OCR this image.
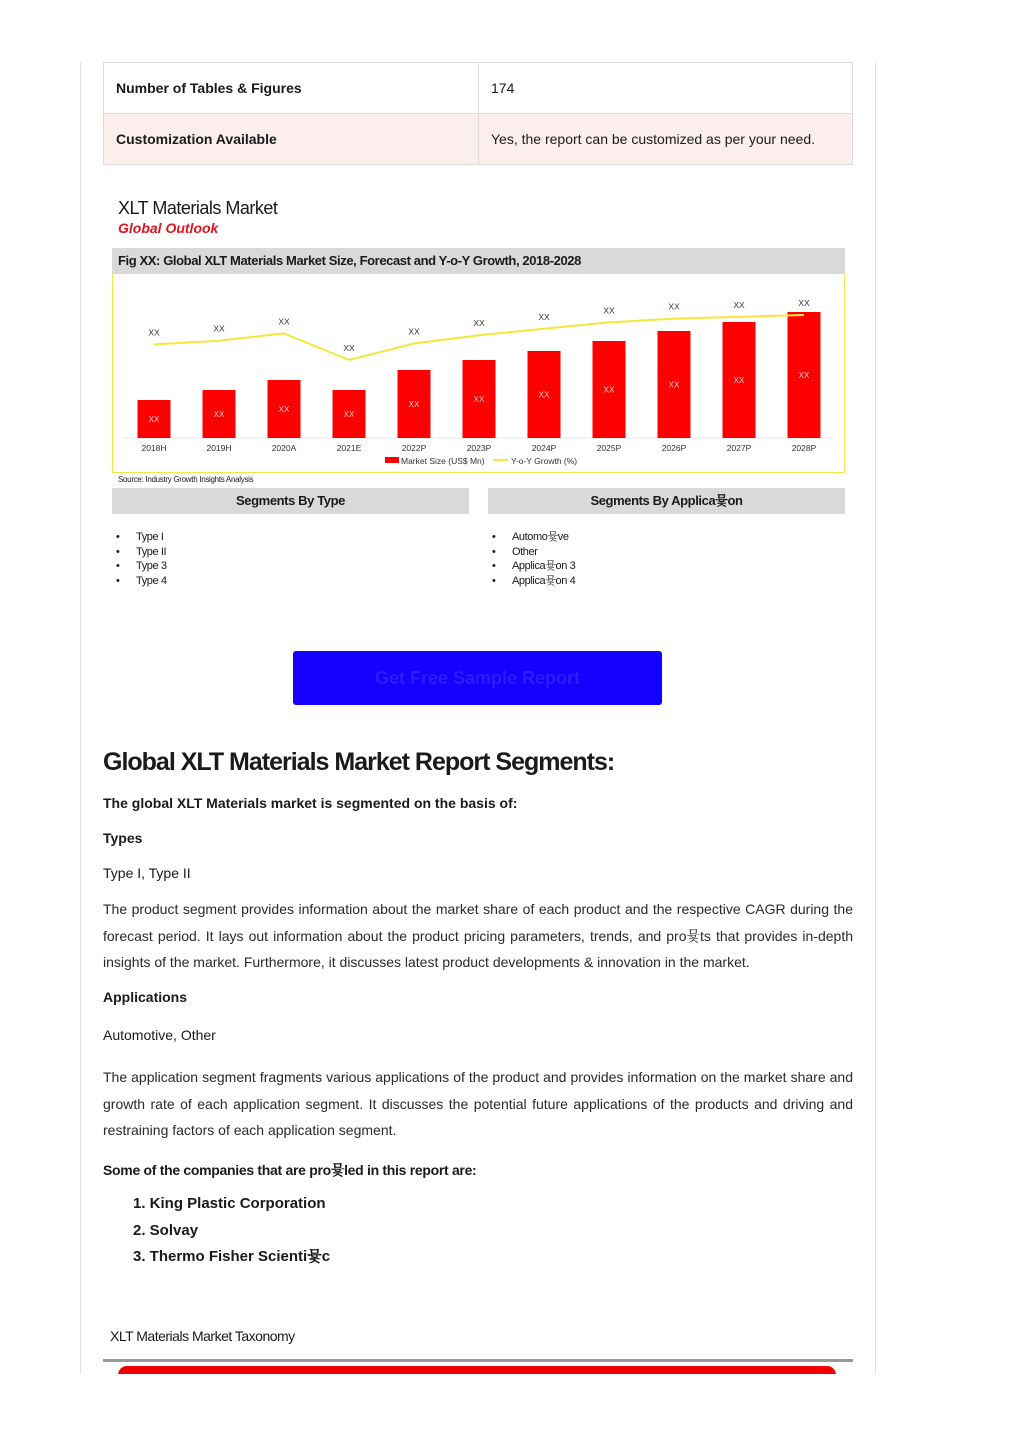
Number of Tables & Figures	174
Customization Available	Yes, the report can be customized as per your need.
XLT Materials Market
Global Outlook
Fig XX: Global XLT Materials Market Size, Forecast and Y-o-Y Growth, 2018-2028
XX
2018H
XX
2019H
XX
2020A
XX
2021E
XX
2022P
XX
2023P
XX
2024P
XX
2025P
XX
2026P
XX
2027P
XX
2028P
XX	XX
XX
XX
XX
XX
XX
XX	XX	XX	XX
Market Size (US$ Mn)	Y-o-Y Growth (%)
Source: Industry Growth Insights Analysis
Segments By Type	Segments By Applica뮻on
• Type I
• Type II
• Type 3
• Type 4
• Automo뮻ve
• Other
• Applica뮻on 3
• Applica뮻on 4
Get Free Sample Report
Global XLT Materials Market Report Segments:

The global XLT Materials market is segmented on the basis of:

Types

Type I, Type II

The product segment provides information about the market share of each product and the respective CAGR during the forecast period. It lays out information about the product pricing parameters, trends, and pro뮻ts that provides in-depth insights of the market. Furthermore, it discusses latest product developments & innovation in the market.

Applications

Automotive, Other

The application segment fragments various applications of the product and provides information on the market share and growth rate of each application segment. It discusses the potential future applications of the products and driving and restraining factors of each application segment.

Some of the companies that are pro뮻led in this report are:

1. King Plastic Corporation
2. Solvay
3. Thermo Fisher Scienti뮻c
XLT Materials Market Taxonomy
